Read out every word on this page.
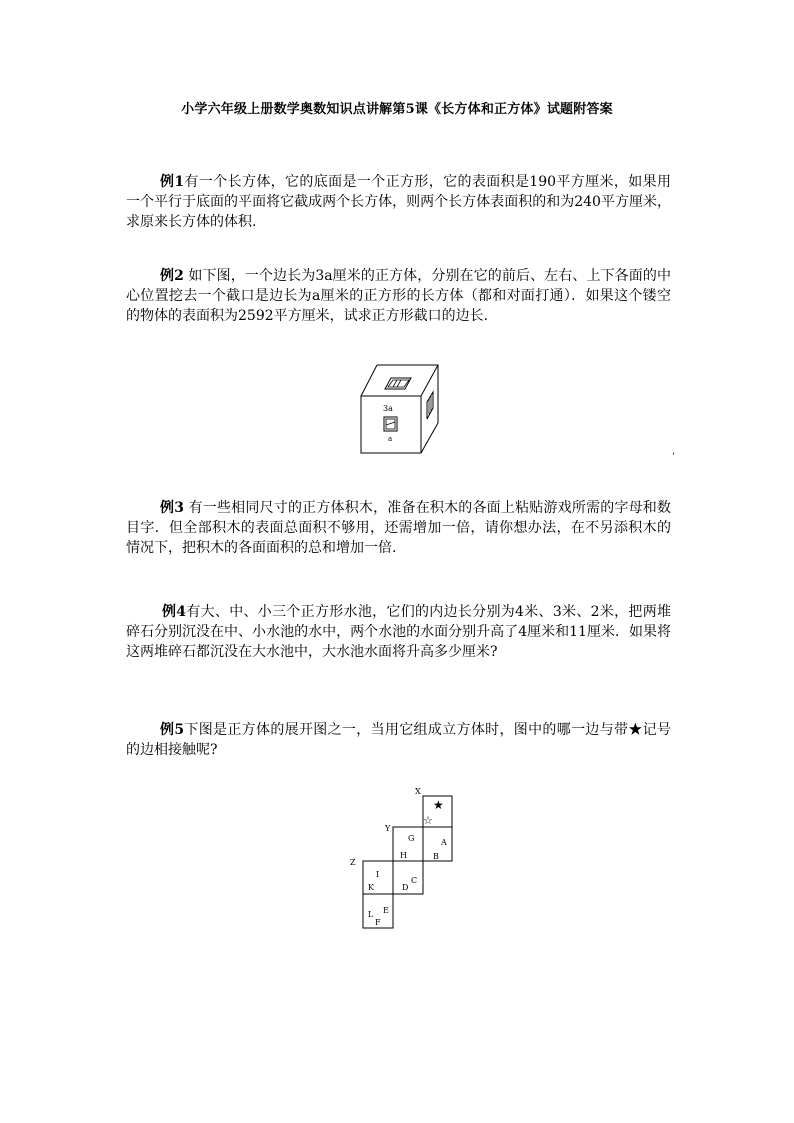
小学六年级上册数学奥数知识点讲解第5课《长方体和正方体》试题附答案

例1有一个长方体，它的底面是一个正方形，它的表面积是190平方厘米，如果用一个平行于底面的平面将它截成两个长方体，则两个长方体表面积的和为240平方厘米，求原来长方体的体积.

例2 如下图，一个边长为3a厘米的正方体，分别在它的前后、左右、上下各面的中心位置挖去一个截口是边长为a厘米的正方形的长方体（都和对面打通）．如果这个镂空的物体的表面积为2592平方厘米，试求正方形截口的边长.

3a
a
‘

例3 有一些相同尺寸的正方体积木，准备在积木的各面上粘贴游戏所需的字母和数目字．但全部积木的表面总面积不够用，还需增加一倍，请你想办法，在不另添积木的情况下，把积木的各面面积的总和增加一倍.

例4有大、中、小三个正方形水池，它们的内边长分别为4米、3米、2米，把两堆碎石分别沉没在中、小水池的水中，两个水池的水面分别升高了4厘米和11厘米．如果将这两堆碎石都沉没在大水池中，大水池水面将升高多少厘米?

例5下图是正方体的展开图之一，当用它组成立方体时，图中的哪一边与带★记号的边相接触呢?

X
Y
Z
★
☆
A
B
G
H
C
D
I
K
E
L
F
